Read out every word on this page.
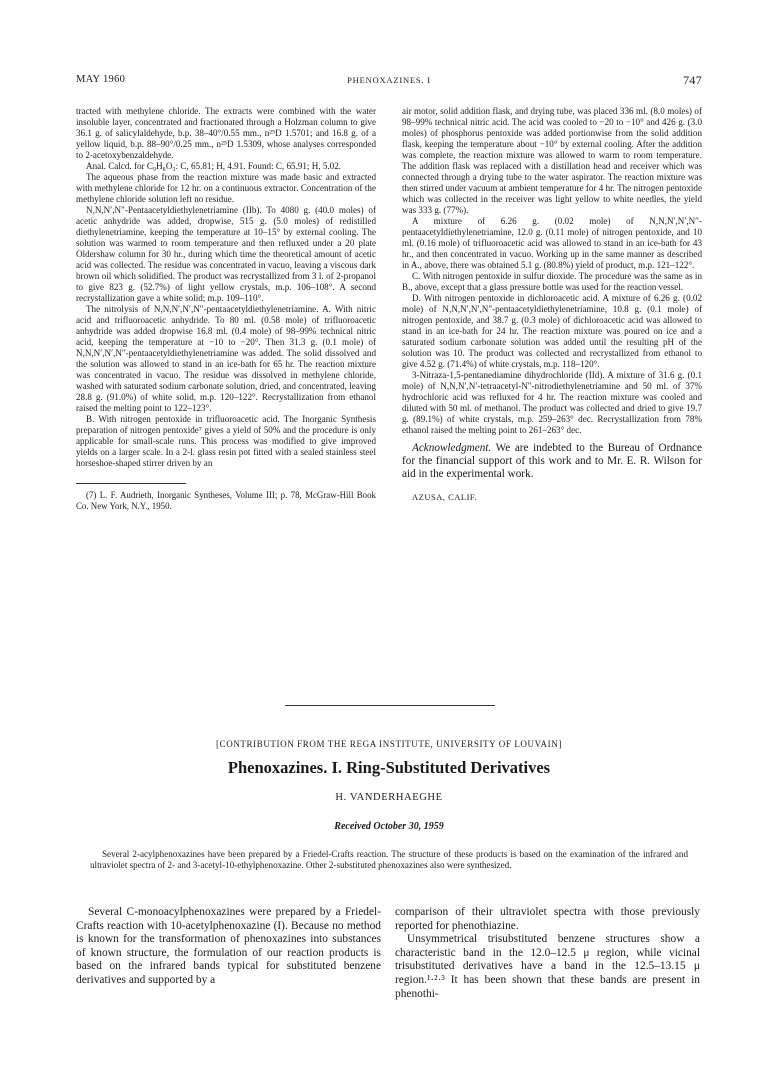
MAY 1960	PHENOXAZINES. I	747

tracted with methylene chloride. The extracts were combined with the water insoluble layer, concentrated and fractionated through a Holzman column to give 36.1 g. of salicylaldehyde, b.p. 38–40°/0.55 mm., n²⁵D 1.5701; and 16.8 g. of a yellow liquid, b.p. 88–90°/0.25 mm., n²⁵D 1.5309, whose analyses corresponded to 2-acetoxybenzaldehyde.

Anal. Calcd. for C₉H₈O₃: C, 65.81; H, 4.91. Found: C, 65.91; H, 5.02.

The aqueous phase from the reaction mixture was made basic and extracted with methylene chloride for 12 hr. on a continuous extractor. Concentration of the methylene chloride solution left no residue.

N,N,N′,N″-Pentaacetyldiethylenetriamine (IIb). To 4080 g. (40.0 moles) of acetic anhydride was added, dropwise, 515 g. (5.0 moles) of redistilled diethylenetriamine, keeping the temperature at 10–15° by external cooling. The solution was warmed to room temperature and then refluxed under a 20 plate Oldershaw column for 30 hr., during which time the theoretical amount of acetic acid was collected. The residue was concentrated in vacuo, leaving a viscous dark brown oil which solidified. The product was recrystallized from 3 l. of 2-propanol to give 823 g. (52.7%) of light yellow crystals, m.p. 106–108°. A second recrystallization gave a white solid; m.p. 109–110°.

The nitrolysis of N,N,N′,N′,N″-pentaacetyldiethylenetriamine. A. With nitric acid and trifluoroacetic anhydride. To 80 ml. (0.58 mole) of trifluoroacetic anhydride was added dropwise 16.8 ml. (0.4 mole) of 98–99% technical nitric acid, keeping the temperature at −10 to −20°. Then 31.3 g. (0.1 mole) of N,N,N′,N′,N″-pentaacetyldiethylenetriamine was added. The solid dissolved and the solution was allowed to stand in an ice-bath for 65 hr. The reaction mixture was concentrated in vacuo. The residue was dissolved in methylene chloride, washed with saturated sodium carbonate solution, dried, and concentrated, leaving 28.8 g. (91.0%) of white solid, m.p. 120–122°. Recrystallization from ethanol raised the melting point to 122–123°.

B. With nitrogen pentoxide in trifluoroacetic acid. The Inorganic Synthesis preparation of nitrogen pentoxide⁷ gives a yield of 50% and the procedure is only applicable for small-scale runs. This process was modified to give improved yields on a larger scale. In a 2-l. glass resin pot fitted with a sealed stainless steel horseshoe-shaped stirrer driven by an

(7) L. F. Audrieth, Inorganic Syntheses, Volume III; p. 78, McGraw-Hill Book Co. New York, N.Y., 1950.

air motor, solid addition flask, and drying tube, was placed 336 ml. (8.0 moles) of 98–99% technical nitric acid. The acid was cooled to −20 to −10° and 426 g. (3.0 moles) of phosphorus pentoxide was added portionwise from the solid addition flask, keeping the temperature about −10° by external cooling. After the addition was complete, the reaction mixture was allowed to warm to room temperature. The addition flask was replaced with a distillation head and receiver which was connected through a drying tube to the water aspirator. The reaction mixture was then stirred under vacuum at ambient temperature for 4 hr. The nitrogen pentoxide which was collected in the receiver was light yellow to white needles, the yield was 333 g. (77%).

A mixture of 6.26 g. (0.02 mole) of N,N,N′,N′,N″-pentaacetyldiethylenetriamine, 12.0 g. (0.11 mole) of nitrogen pentoxide, and 10 ml. (0.16 mole) of trifluoroacetic acid was allowed to stand in an ice-bath for 43 hr., and then concentrated in vacuo. Working up in the same manner as described in A., above, there was obtained 5.1 g. (80.8%) yield of product, m.p. 121–122°.

C. With nitrogen pentoxide in sulfur dioxide. The procedure was the same as in B., above, except that a glass pressure bottle was used for the reaction vessel.

D. With nitrogen pentoxide in dichloroacetic acid. A mixture of 6.26 g. (0.02 mole) of N,N,N′,N′,N″-pentaacetyldiethylenetriamine, 10.8 g. (0.1 mole) of nitrogen pentoxide, and 38.7 g. (0.3 mole) of dichloroacetic acid was allowed to stand in an ice-bath for 24 hr. The reaction mixture was poured on ice and a saturated sodium carbonate solution was added until the resulting pH of the solution was 10. The product was collected and recrystallized from ethanol to give 4.52 g. (71.4%) of white crystals, m.p. 118–120°.

3-Nitraza-1,5-pentanediamine dihydrochloride (IId). A mixture of 31.6 g. (0.1 mole) of N,N,N′,N′-tetraacetyl-N″-nitrodiethylenetriamine and 50 ml. of 37% hydrochloric acid was refluxed for 4 hr. The reaction mixture was cooled and diluted with 50 ml. of methanol. The product was collected and dried to give 19.7 g. (89.1%) of white crystals, m.p. 259–263° dec. Recrystallization from 78% ethanol raised the melting point to 261–263° dec.

Acknowledgment. We are indebted to the Bureau of Ordnance for the financial support of this work and to Mr. E. R. Wilson for aid in the experimental work.

AZUSA, CALIF.

[CONTRIBUTION FROM THE REGA INSTITUTE, UNIVERSITY OF LOUVAIN]
Phenoxazines. I. Ring-Substituted Derivatives
H. VANDERHAEGHE
Received October 30, 1959
Several 2-acylphenoxazines have been prepared by a Friedel-Crafts reaction. The structure of these products is based on the examination of the infrared and ultraviolet spectra of 2- and 3-acetyl-10-ethylphenoxazine. Other 2-substituted phenoxazines also were synthesized.

Several C-monoacylphenoxazines were prepared by a Friedel-Crafts reaction with 10-acetylphenoxazine (I). Because no method is known for the transformation of phenoxazines into substances of known structure, the formulation of our reaction products is based on the infrared bands typical for substituted benzene derivatives and supported by a

comparison of their ultraviolet spectra with those previously reported for phenothiazine.

Unsymmetrical trisubstituted benzene structures show a characteristic band in the 12.0–12.5 μ region, while vicinal trisubstituted derivatives have a band in the 12.5–13.15 μ region.¹·²·³ It has been shown that these bands are present in phenothi-
